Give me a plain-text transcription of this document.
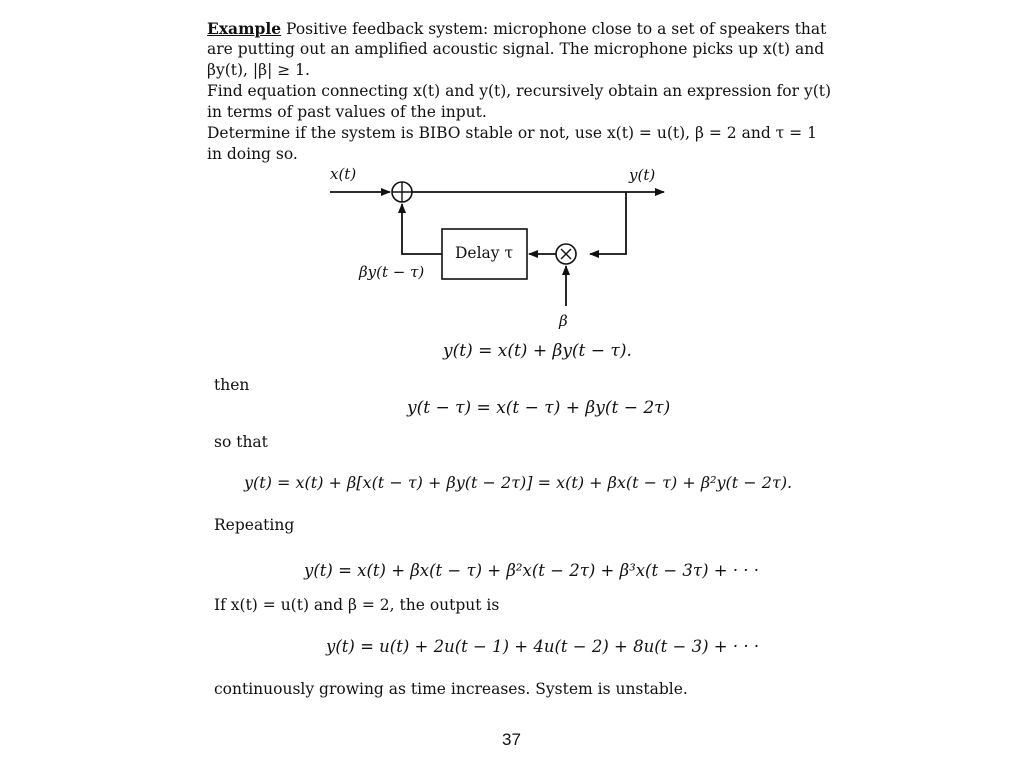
Example Positive feedback system: microphone close to a set of speakers that
are putting out an amplified acoustic signal. The microphone picks up x(t) and
βy(t), |β| ≥ 1.
Find equation connecting x(t) and y(t), recursively obtain an expression for y(t)
in terms of past values of the input.
Determine if the system is BIBO stable or not, use x(t) = u(t), β = 2 and τ = 1
in doing so.
x(t)	y(t)
Delay τ
βy(t − τ)
β
y(t) = x(t) + βy(t − τ).
then
y(t − τ) = x(t − τ) + βy(t − 2τ)
so that
y(t) = x(t) + β[x(t − τ) + βy(t − 2τ)] = x(t) + βx(t − τ) + β²y(t − 2τ).
Repeating
y(t) = x(t) + βx(t − τ) + β²x(t − 2τ) + β³x(t − 3τ) + · · ·
If x(t) = u(t) and β = 2, the output is
y(t) = u(t) + 2u(t − 1) + 4u(t − 2) + 8u(t − 3) + · · ·
continuously growing as time increases. System is unstable.
37
